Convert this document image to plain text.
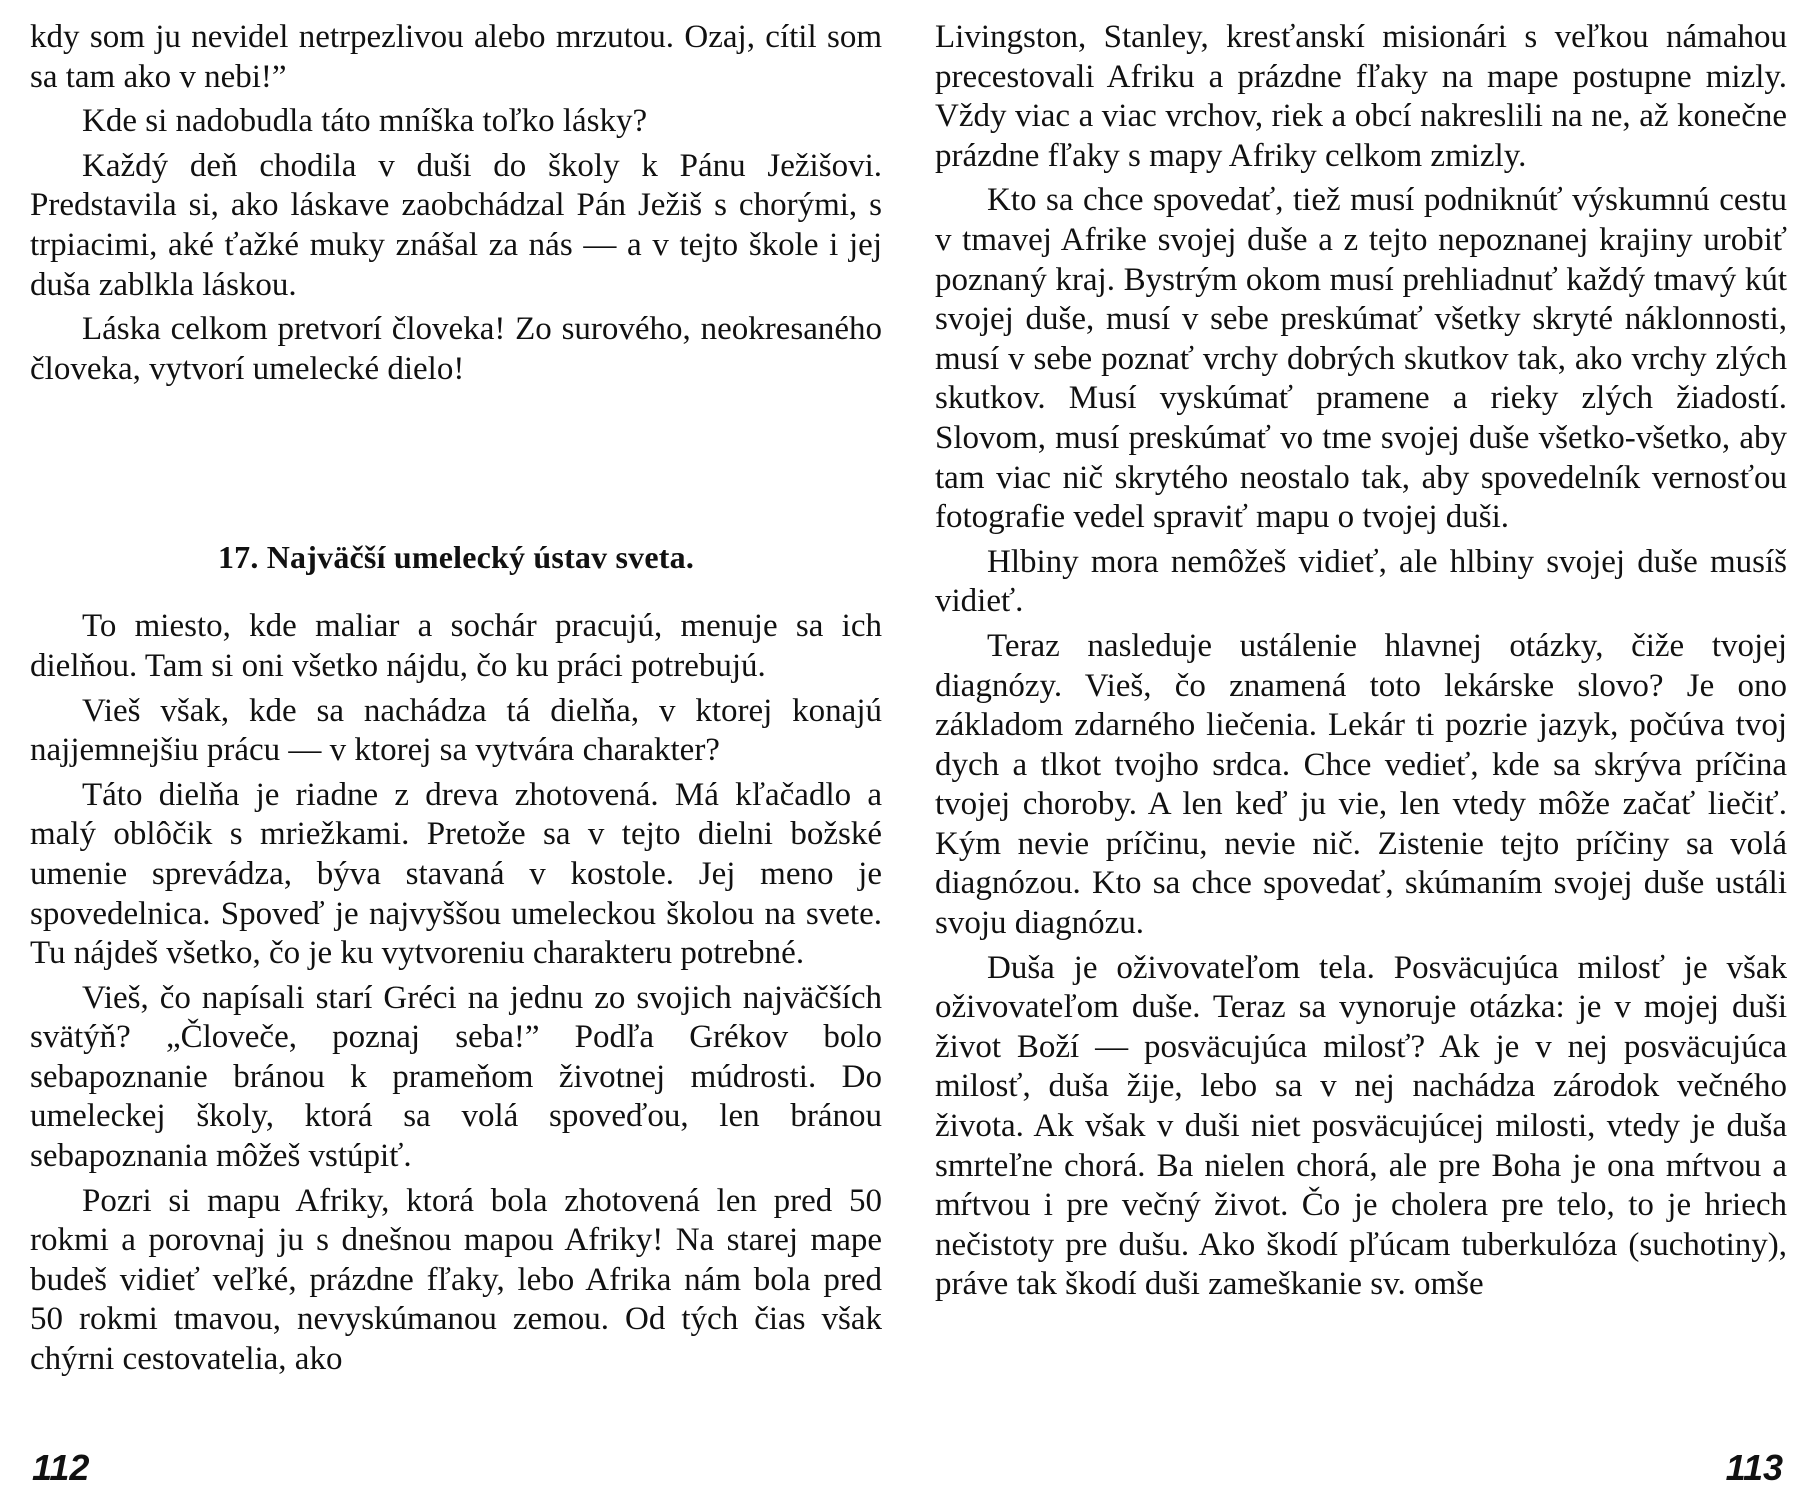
kdy som ju nevidel netrpezlivou alebo mrzutou. Ozaj, cítil som sa tam ako v nebi!”

Kde si nadobudla táto mníška toľko lásky?

Každý deň chodila v duši do školy k Pánu Ježišovi. Predstavila si, ako láskave zaobchádzal Pán Ježiš s chorými, s trpiacimi, aké ťažké muky znášal za nás — a v tejto škole i jej duša zablkla láskou.

Láska celkom pretvorí človeka! Zo surového, neokresaného človeka, vytvorí umelecké dielo!

17. Najväčší umelecký ústav sveta.

To miesto, kde maliar a sochár pracujú, menuje sa ich dielňou. Tam si oni všetko nájdu, čo ku práci potrebujú.

Vieš však, kde sa nachádza tá dielňa, v ktorej konajú najjemnejšiu prácu — v ktorej sa vytvára charakter?

Táto dielňa je riadne z dreva zhotovená. Má kľačadlo a malý oblôčik s mriežkami. Pretože sa v tejto dielni božské umenie sprevádza, býva stavaná v kostole. Jej meno je spovedelnica. Spoveď je najvyššou umeleckou školou na svete. Tu nájdeš všetko, čo je ku vytvoreniu charakteru potrebné.

Vieš, čo napísali starí Gréci na jednu zo svojich najväčších svätýň? „Človeče, poznaj seba!” Podľa Grékov bolo sebapoznanie bránou k prameňom životnej múdrosti. Do umeleckej školy, ktorá sa volá spoveďou, len bránou sebapoznania môžeš vstúpiť.

Pozri si mapu Afriky, ktorá bola zhotovená len pred 50 rokmi a porovnaj ju s dnešnou mapou Afriky! Na starej mape budeš vidieť veľké, prázdne fľaky, lebo Afrika nám bola pred 50 rokmi tmavou, nevyskúmanou zemou. Od tých čias však chýrni cestovatelia, ako

112

Livingston, Stanley, kresťanskí misionári s veľkou námahou precestovali Afriku a prázdne fľaky na mape postupne mizly. Vždy viac a viac vrchov, riek a obcí nakreslili na ne, až konečne prázdne fľaky s mapy Afriky celkom zmizly.

Kto sa chce spovedať, tiež musí podniknúť výskumnú cestu v tmavej Afrike svojej duše a z tejto nepoznanej krajiny urobiť poznaný kraj. Bystrým okom musí prehliadnuť každý tmavý kút svojej duše, musí v sebe preskúmať všetky skryté náklonnosti, musí v sebe poznať vrchy dobrých skutkov tak, ako vrchy zlých skutkov. Musí vyskúmať pramene a rieky zlých žiadostí. Slovom, musí preskúmať vo tme svojej duše všetko-všetko, aby tam viac nič skrytého neostalo tak, aby spovedelník vernosťou fotografie vedel spraviť mapu o tvojej duši.

Hlbiny mora nemôžeš vidieť, ale hlbiny svojej duše musíš vidieť.

Teraz nasleduje ustálenie hlavnej otázky, čiže tvojej diagnózy. Vieš, čo znamená toto lekárske slovo? Je ono základom zdarného liečenia. Lekár ti pozrie jazyk, počúva tvoj dych a tlkot tvojho srdca. Chce vedieť, kde sa skrýva príčina tvojej choroby. A len keď ju vie, len vtedy môže začať liečiť. Kým nevie príčinu, nevie nič. Zistenie tejto príčiny sa volá diagnózou. Kto sa chce spovedať, skúmaním svojej duše ustáli svoju diagnózu.

Duša je oživovateľom tela. Posväcujúca milosť je však oživovateľom duše. Teraz sa vynoruje otázka: je v mojej duši život Boží — posväcujúca milosť? Ak je v nej posväcujúca milosť, duša žije, lebo sa v nej nachádza zárodok večného života. Ak však v duši niet posväcujúcej milosti, vtedy je duša smrteľne chorá. Ba nielen chorá, ale pre Boha je ona mŕtvou a mŕtvou i pre večný život. Čo je cholera pre telo, to je hriech nečistoty pre dušu. Ako škodí pľúcam tuberkulóza (suchotiny), práve tak škodí duši zameškanie sv. omše

113
